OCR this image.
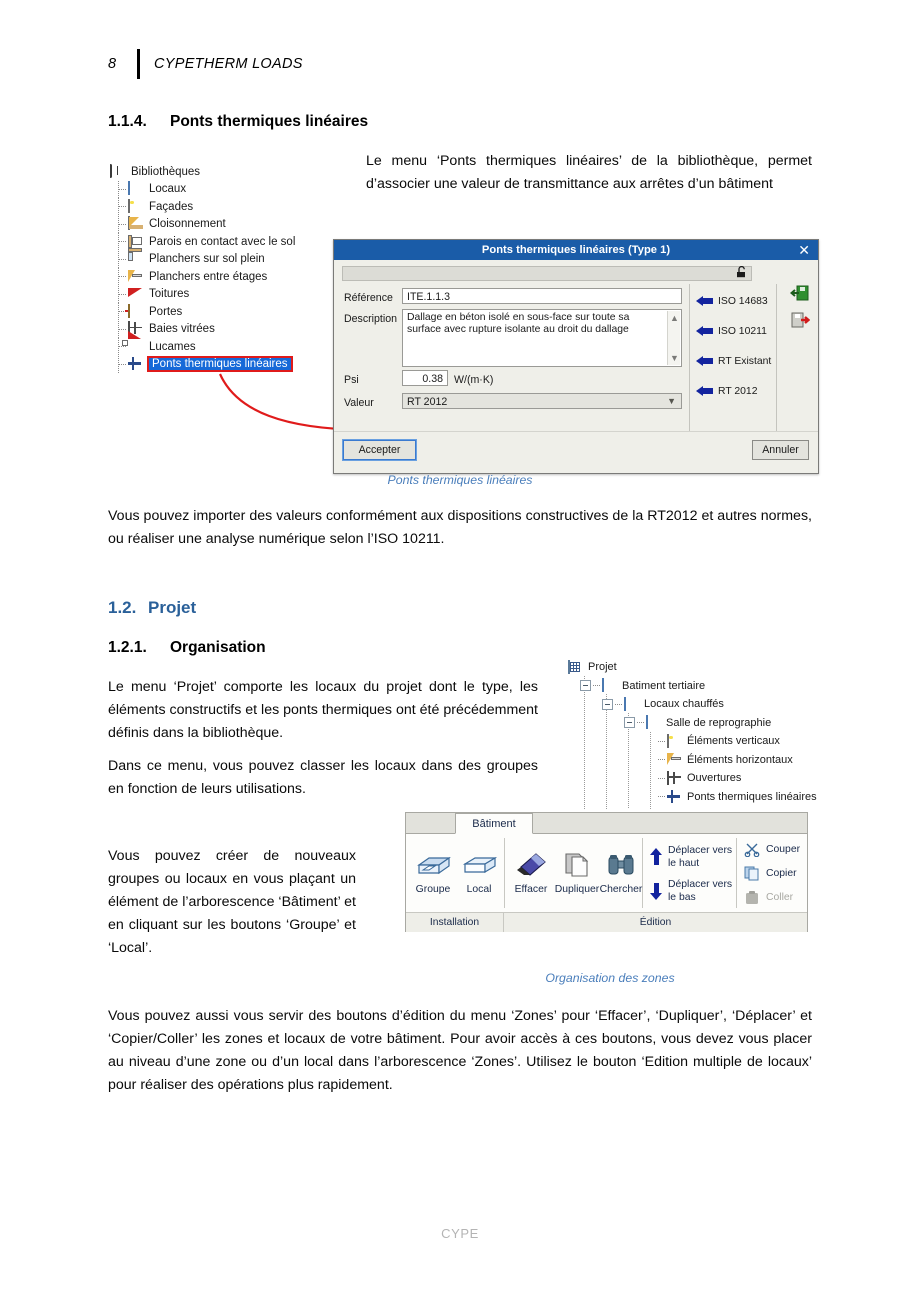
8	CYPETHERM LOADS
1.1.4. Ponts thermiques linéaires
Le menu ‘Ponts thermiques linéaires’ de la bibliothèque, permet d’associer une valeur de transmittance aux arrêtes d’un bâtiment
Bibliothèques
Locaux
Façades
Cloisonnement
Parois en contact avec le sol
Planchers sur sol plein
Planchers entre étages
Toitures
Portes
Baies vitrées
Lucames
Ponts thermiques linéaires
Ponts thermiques linéaires (Type 1)	✕
Référence	ITE.1.1.3
Description Dallage en béton isolé en sous-face sur toute sa surface avec rupture isolante au droit du dallage
▲
▼
Psi	0.38	W/(m·K)
Valeur	RT 2012	▼
ISO 14683
ISO 10211
RT Existant
RT 2012
Accepter	Annuler
Ponts thermiques linéaires
Vous pouvez importer des valeurs conformément aux dispositions constructives de la RT2012 et autres normes, ou réaliser une analyse numérique selon l’ISO 10211.
1.2. Projet
1.2.1. Organisation
Le menu ‘Projet’ comporte les locaux du projet dont le type, les éléments constructifs et les ponts thermiques ont été précédemment définis dans la bibliothèque.
Dans ce menu, vous pouvez classer les locaux dans des groupes en fonction de leurs utilisations.
Projet
Batiment tertiaire
Locaux chauffés
Salle de reprographie
Éléments verticaux
Éléments horizontaux
Ouvertures
Ponts thermiques linéaires
Vous pouvez créer de nouveaux groupes ou locaux en vous plaçant un élément de l’arborescence ‘Bâtiment’ et en cliquant sur les boutons ‘Groupe’ et ‘Local’.
Bâtiment
Groupe	Local	Effacer Dupliquer Chercher
Déplacer vers le haut
Déplacer vers le bas
Couper
Copier
Coller
Installation	Édition
Organisation des zones
Vous pouvez aussi vous servir des boutons d’édition du menu ‘Zones’ pour ‘Effacer’, ‘Dupliquer’, ‘Déplacer’ et ‘Copier/Coller’ les zones et locaux de votre bâtiment. Pour avoir accès à ces boutons, vous devez vous placer au niveau d’une zone ou d’un local dans l’arborescence ‘Zones’. Utilisez le bouton ‘Edition multiple de locaux’ pour réaliser des opérations plus rapidement.
CYPE
